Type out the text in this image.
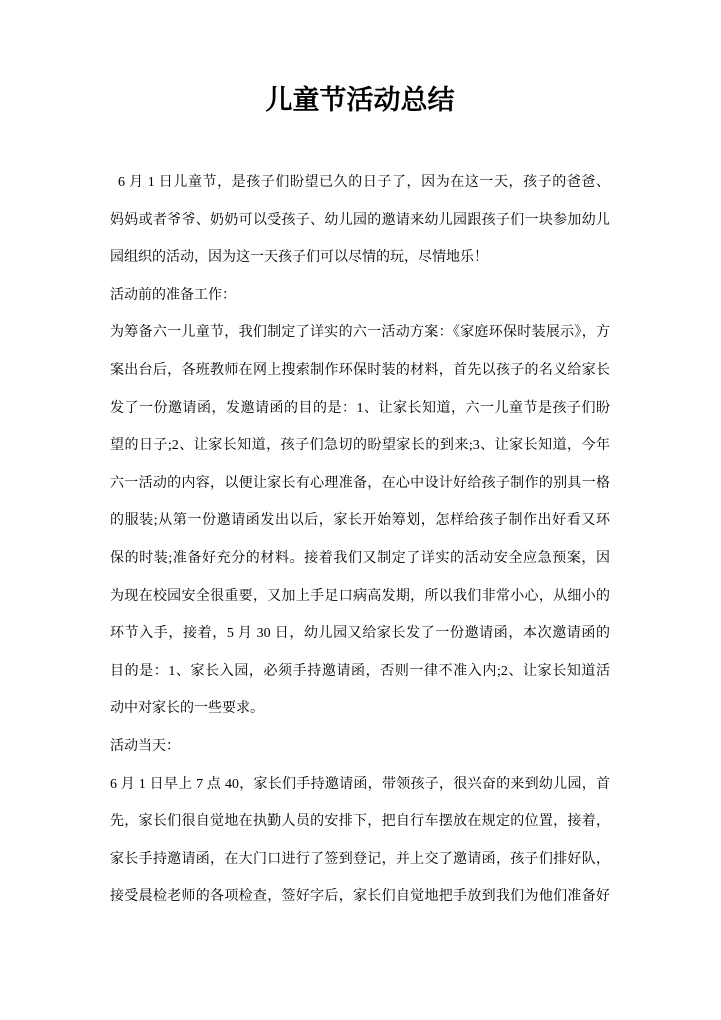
儿童节活动总结
6 月 1 日儿童节，是孩子们盼望已久的日子了，因为在这一天，孩子的爸爸、
妈妈或者爷爷、奶奶可以受孩子、幼儿园的邀请来幼儿园跟孩子们一块参加幼儿
园组织的活动，因为这一天孩子们可以尽情的玩，尽情地乐！
活动前的准备工作：
为筹备六一儿童节，我们制定了详实的六一活动方案：《家庭环保时装展示》，方
案出台后，各班教师在网上搜索制作环保时装的材料，首先以孩子的名义给家长
发了一份邀请函，发邀请函的目的是：1、让家长知道，六一儿童节是孩子们盼
望的日子;2、让家长知道，孩子们急切的盼望家长的到来;3、让家长知道，今年
六一活动的内容，以便让家长有心理准备，在心中设计好给孩子制作的别具一格
的服装;从第一份邀请函发出以后，家长开始筹划，怎样给孩子制作出好看又环
保的时装;准备好充分的材料。接着我们又制定了详实的活动安全应急预案，因
为现在校园安全很重要，又加上手足口病高发期，所以我们非常小心，从细小的
环节入手，接着，5 月 30 日，幼儿园又给家长发了一份邀请函，本次邀请函的
目的是：1、家长入园，必须手持邀请函，否则一律不准入内;2、让家长知道活
动中对家长的一些要求。
活动当天：
6 月 1 日早上 7 点 40，家长们手持邀请函，带领孩子，很兴奋的来到幼儿园，首
先，家长们很自觉地在执勤人员的安排下，把自行车摆放在规定的位置，接着，
家长手持邀请函，在大门口进行了签到登记，并上交了邀请函，孩子们排好队，
接受晨检老师的各项检查，签好字后，家长们自觉地把手放到我们为他们准备好
